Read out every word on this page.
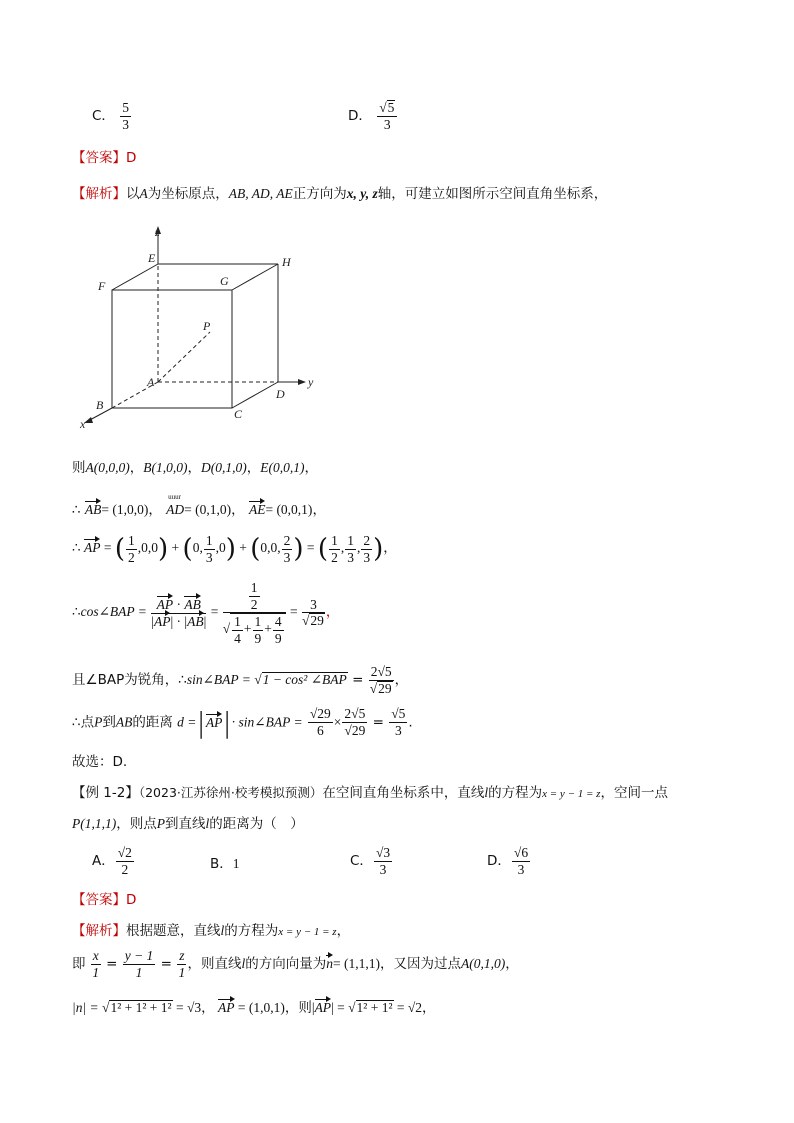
C． $\frac{5}{3}$	D． $\frac{√5}{3}$
【答案】D
【解析】以A为坐标原点，AB, AD, AE正方向为x, y, z轴，可建立如图所示空间直角坐标系，
z
E	H
F	G
P
A	y
B
D
C
x
则A(0,0,0)，B(1,0,0)，D(0,1,0)，E(0,0,1)，
∴ AB= (1,0,0)，
uuur
AD= (0,1,0)， AE= (0,0,1)，
∴ AP = ( $\frac{1}{2} ,0,0) + (0$, $\frac{1}{3} ,0) + (0,0$, $\frac{2}{3}$ ) = ( $\frac{1}{2}$ , $\frac{1}{3}$ , $\frac{2}{3}$ )，
∴cos∠BAP = $\frac{AP \cdot AB}{|AP| \cdot |AB|} = \frac{\frac{1}{2}}{√ \frac{1}{4} + \frac{1}{9} + \frac{4}{9}} = \frac{3}{√29}$ ，
且∠BAP为锐角，∴sin∠BAP = √1 − cos² ∠BAP = $\frac{2√5}{√29}$ ，
∴点P到AB的距离 d =|AP|· sin∠BAP = $\frac{√29}{6} \times \frac{2√5}{√29} = \frac{√5}{3}$ .
故选：D.
【例 1-2】（2023·江苏徐州·校考模拟预测）在空间直角坐标系中，直线l的方程为x = y − 1 = z，空间一点
P(1,1,1)，则点P到直线l的距离为（　）
A． $\frac{√2}{2}$	B．1	C． $\frac{√3}{3}$	D． $\frac{√6}{3}$
【答案】D
【解析】根据题意，直线l的方程为x = y − 1 = z，
即 $\frac{x}{1} = \frac{y - 1}{1} = \frac{z}{1}$ ，则直线l的方向向量为n= (1,1,1)，又因为过点A(0,1,0)，
|n| = √1² + 1² + 1² = √3， AP = (1,0,1)，则|AP| = √1² + 1² = √2，
